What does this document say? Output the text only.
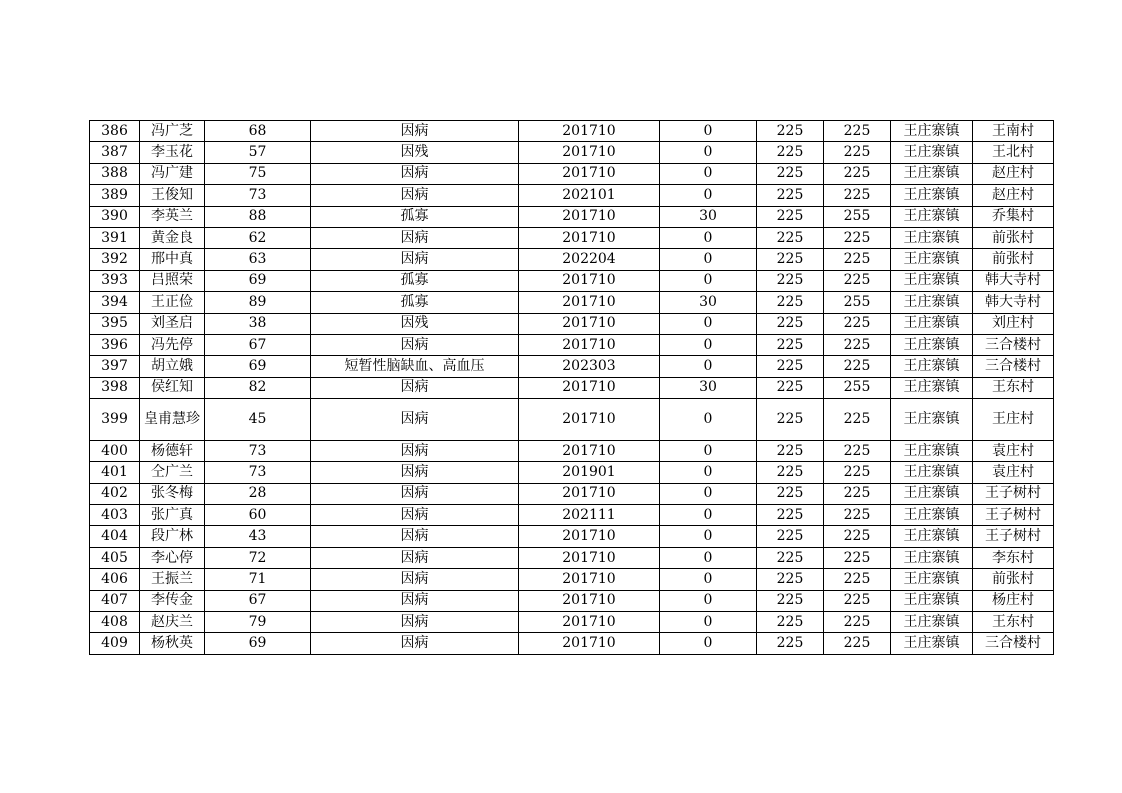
386	冯广芝	68	因病	201710	0	225	225	王庄寨镇	王南村
387	李玉花	57	因残	201710	0	225	225	王庄寨镇	王北村
388	冯广建	75	因病	201710	0	225	225	王庄寨镇	赵庄村
389	王俊知	73	因病	202101	0	225	225	王庄寨镇	赵庄村
390	李英兰	88	孤寡	201710	30	225	255	王庄寨镇	乔集村
391	黄金良	62	因病	201710	0	225	225	王庄寨镇	前张村
392	邢中真	63	因病	202204	0	225	225	王庄寨镇	前张村
393	吕照荣	69	孤寡	201710	0	225	225	王庄寨镇	韩大寺村
394	王正俭	89	孤寡	201710	30	225	255	王庄寨镇	韩大寺村
395	刘圣启	38	因残	201710	0	225	225	王庄寨镇	刘庄村
396	冯先停	67	因病	201710	0	225	225	王庄寨镇	三合楼村
397	胡立娥	69	短暂性脑缺血、高血压	202303	0	225	225	王庄寨镇	三合楼村
398	侯红知	82	因病	201710	30	225	255	王庄寨镇	王东村
399	皇甫慧珍	45	因病	201710	0	225	225	王庄寨镇	王庄村
400	杨德轩	73	因病	201710	0	225	225	王庄寨镇	袁庄村
401	仝广兰	73	因病	201901	0	225	225	王庄寨镇	袁庄村
402	张冬梅	28	因病	201710	0	225	225	王庄寨镇	王子树村
403	张广真	60	因病	202111	0	225	225	王庄寨镇	王子树村
404	段广林	43	因病	201710	0	225	225	王庄寨镇	王子树村
405	李心停	72	因病	201710	0	225	225	王庄寨镇	李东村
406	王振兰	71	因病	201710	0	225	225	王庄寨镇	前张村
407	李传金	67	因病	201710	0	225	225	王庄寨镇	杨庄村
408	赵庆兰	79	因病	201710	0	225	225	王庄寨镇	王东村
409	杨秋英	69	因病	201710	0	225	225	王庄寨镇	三合楼村
